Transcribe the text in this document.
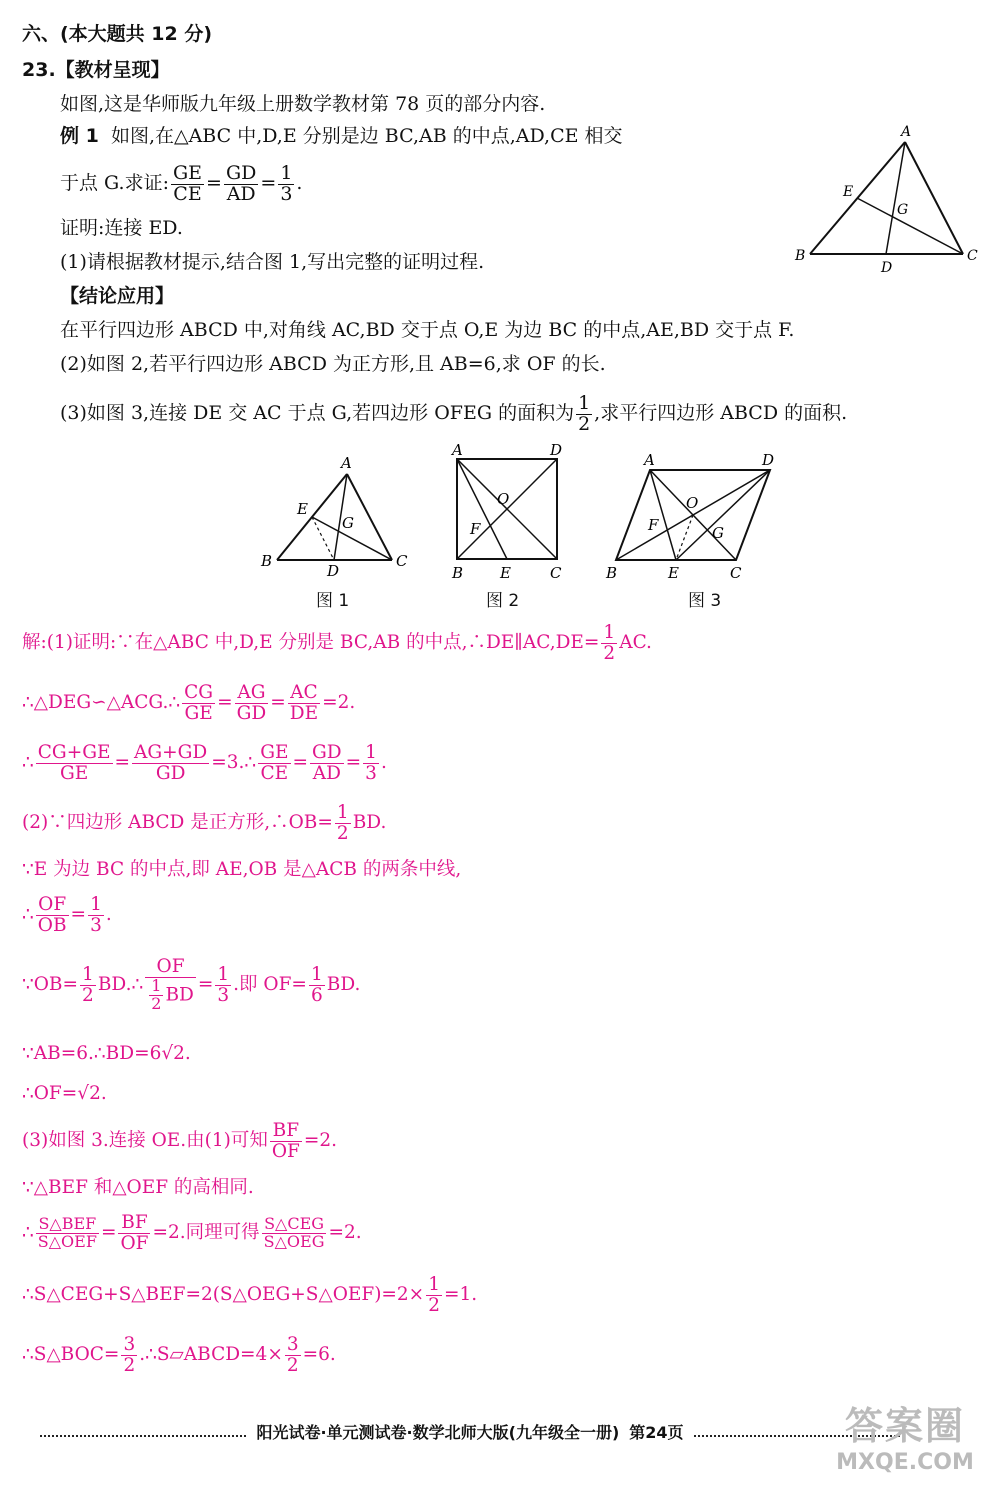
六、(本大题共 12 分)
23.【教材呈现】
如图,这是华师版九年级上册数学教材第 78 页的部分内容.
例 1 如图,在△ABC 中,D,E 分别是边 BC,AB 的中点,AD,CE 相交
于点 G.求证: $\frac{GE}{CE} = \frac{GD}{AD} = \frac{1}{3}$ .
证明:连接 ED.
(1)请根据教材提示,结合图 1,写出完整的证明过程.
【结论应用】
在平行四边形 ABCD 中,对角线 AC,BD 交于点 O,E 为边 BC 的中点,AE,BD 交于点 F.
(2)如图 2,若平行四边形 ABCD 为正方形,且 AB=6,求 OF 的长.
(3)如图 3,连接 DE 交 AC 于点 G,若四边形 OFEG 的面积为 $\frac{1}{2}$ ,求平行四边形 ABCD 的面积.
A
E
G
B
D
C
A
E
G
B
D
C
图 1
A	D
O
F
B E	C
图 2
A	D
O
F	G
B	E	C
图 3
解:(1)证明:∵在△ABC 中,D,E 分别是 BC,AB 的中点,∴DE∥AC,DE= $\frac{1}{2}$ AC.
∴△DEG∽△ACG.∴ $\frac{CG}{GE} = \frac{AG}{GD} = \frac{AC}{DE} =2$.
∴ $\frac{CG+GE}{GE} = \frac{AG+GD}{GD}$ =3.∴ $\frac{GE}{CE} = \frac{GD}{AD} = \frac{1}{3}$ .
(2)∵四边形 ABCD 是正方形,∴OB= $\frac{1}{2}$ BD.
∵E 为边 BC 的中点,即 AE,OB 是△ACB 的两条中线,
∴ $\frac{OF}{OB} = \frac{1}{3}$ .
∵OB= $\frac{1}{2}$ BD.∴ $\frac{OF}{\frac{1}{2} BD} = \frac{1}{3}$ .即 $OF= \frac{1}{6}$ BD.
∵AB=6.∴BD=6√2.
∴OF=√2.
(3)如图 3.连接 OE.由(1)可知 $\frac{BF}{OF} =2$.
∵△BEF 和△OEF 的高相同.
∴ $\frac{\text{S△BEF}}{\text{S△OEF}} = \frac{BF}{OF} =2$.同理可得 $\frac{\text{S△CEG}}{\text{S△OEG}} =2$.
∴S△CEG+S△BEF=2(S△OEG+S△OEF)=2× $\frac{1}{2} =1$.
∴S△BOC= $\frac{3}{2}$ .∴S▱ABCD=4× $\frac{3}{2} =6$.
阳光试卷·单元测试卷·数学北师大版(九年级全一册) 第24页	答案圈
MXQE.COM
